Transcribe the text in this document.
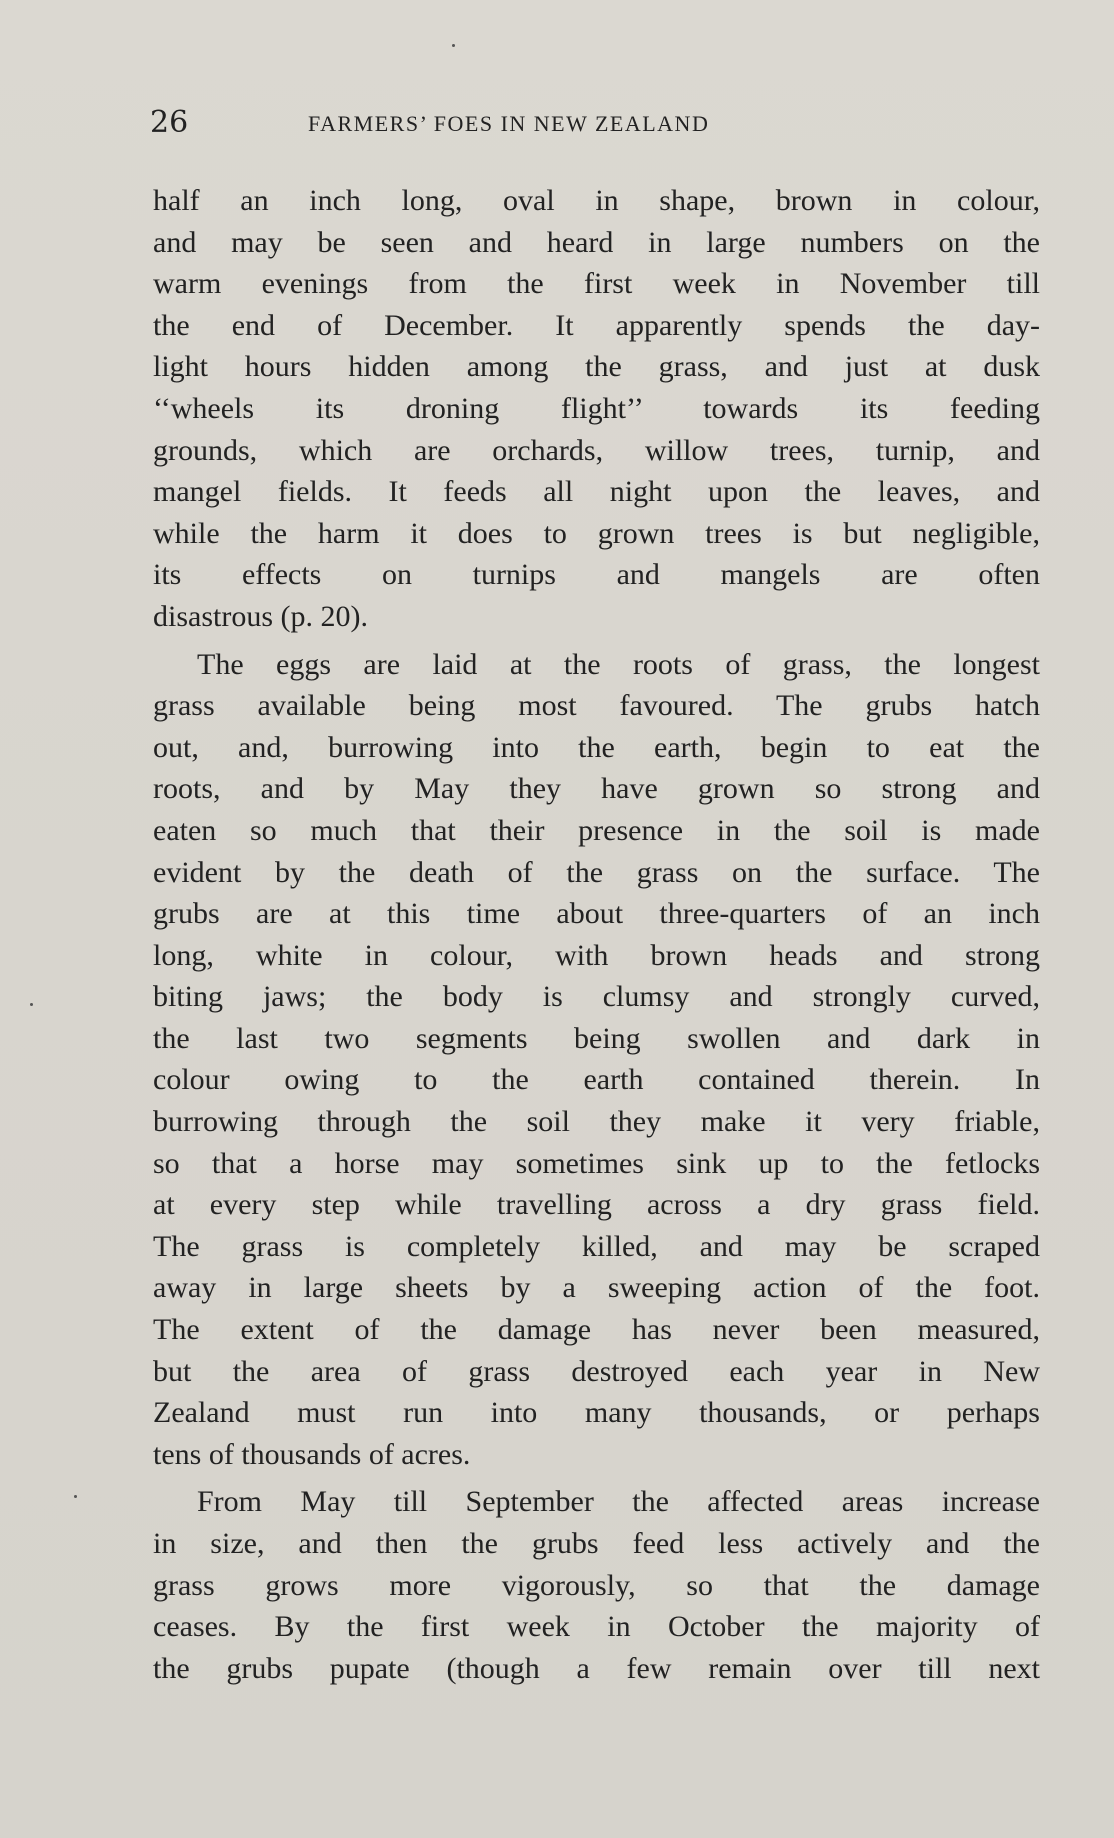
26	FARMERS’ FOES IN NEW ZEALAND
half an inch long, oval in shape, brown in colour,
and may be seen and heard in large numbers on the
warm evenings from the first week in November till
the end of December. It apparently spends the day-
light hours hidden among the grass, and just at dusk
‘‘wheels its droning flight’’ towards its feeding
grounds, which are orchards, willow trees, turnip, and
mangel fields. It feeds all night upon the leaves, and
while the harm it does to grown trees is but negligible,
its effects on turnips and mangels are often
disastrous (p. 20).
The eggs are laid at the roots of grass, the longest
grass available being most favoured. The grubs hatch
out, and, burrowing into the earth, begin to eat the
roots, and by May they have grown so strong and
eaten so much that their presence in the soil is made
evident by the death of the grass on the surface. The
grubs are at this time about three-quarters of an inch
long, white in colour, with brown heads and strong
biting jaws; the body is clumsy and strongly curved,
the last two segments being swollen and dark in
colour owing to the earth contained therein. In
burrowing through the soil they make it very friable,
so that a horse may sometimes sink up to the fetlocks
at every step while travelling across a dry grass field.
The grass is completely killed, and may be scraped
away in large sheets by a sweeping action of the foot.
The extent of the damage has never been measured,
but the area of grass destroyed each year in New
Zealand must run into many thousands, or perhaps
tens of thousands of acres.
From May till September the affected areas increase
in size, and then the grubs feed less actively and the
grass grows more vigorously, so that the damage
ceases. By the first week in October the majority of
the grubs pupate (though a few remain over till next
